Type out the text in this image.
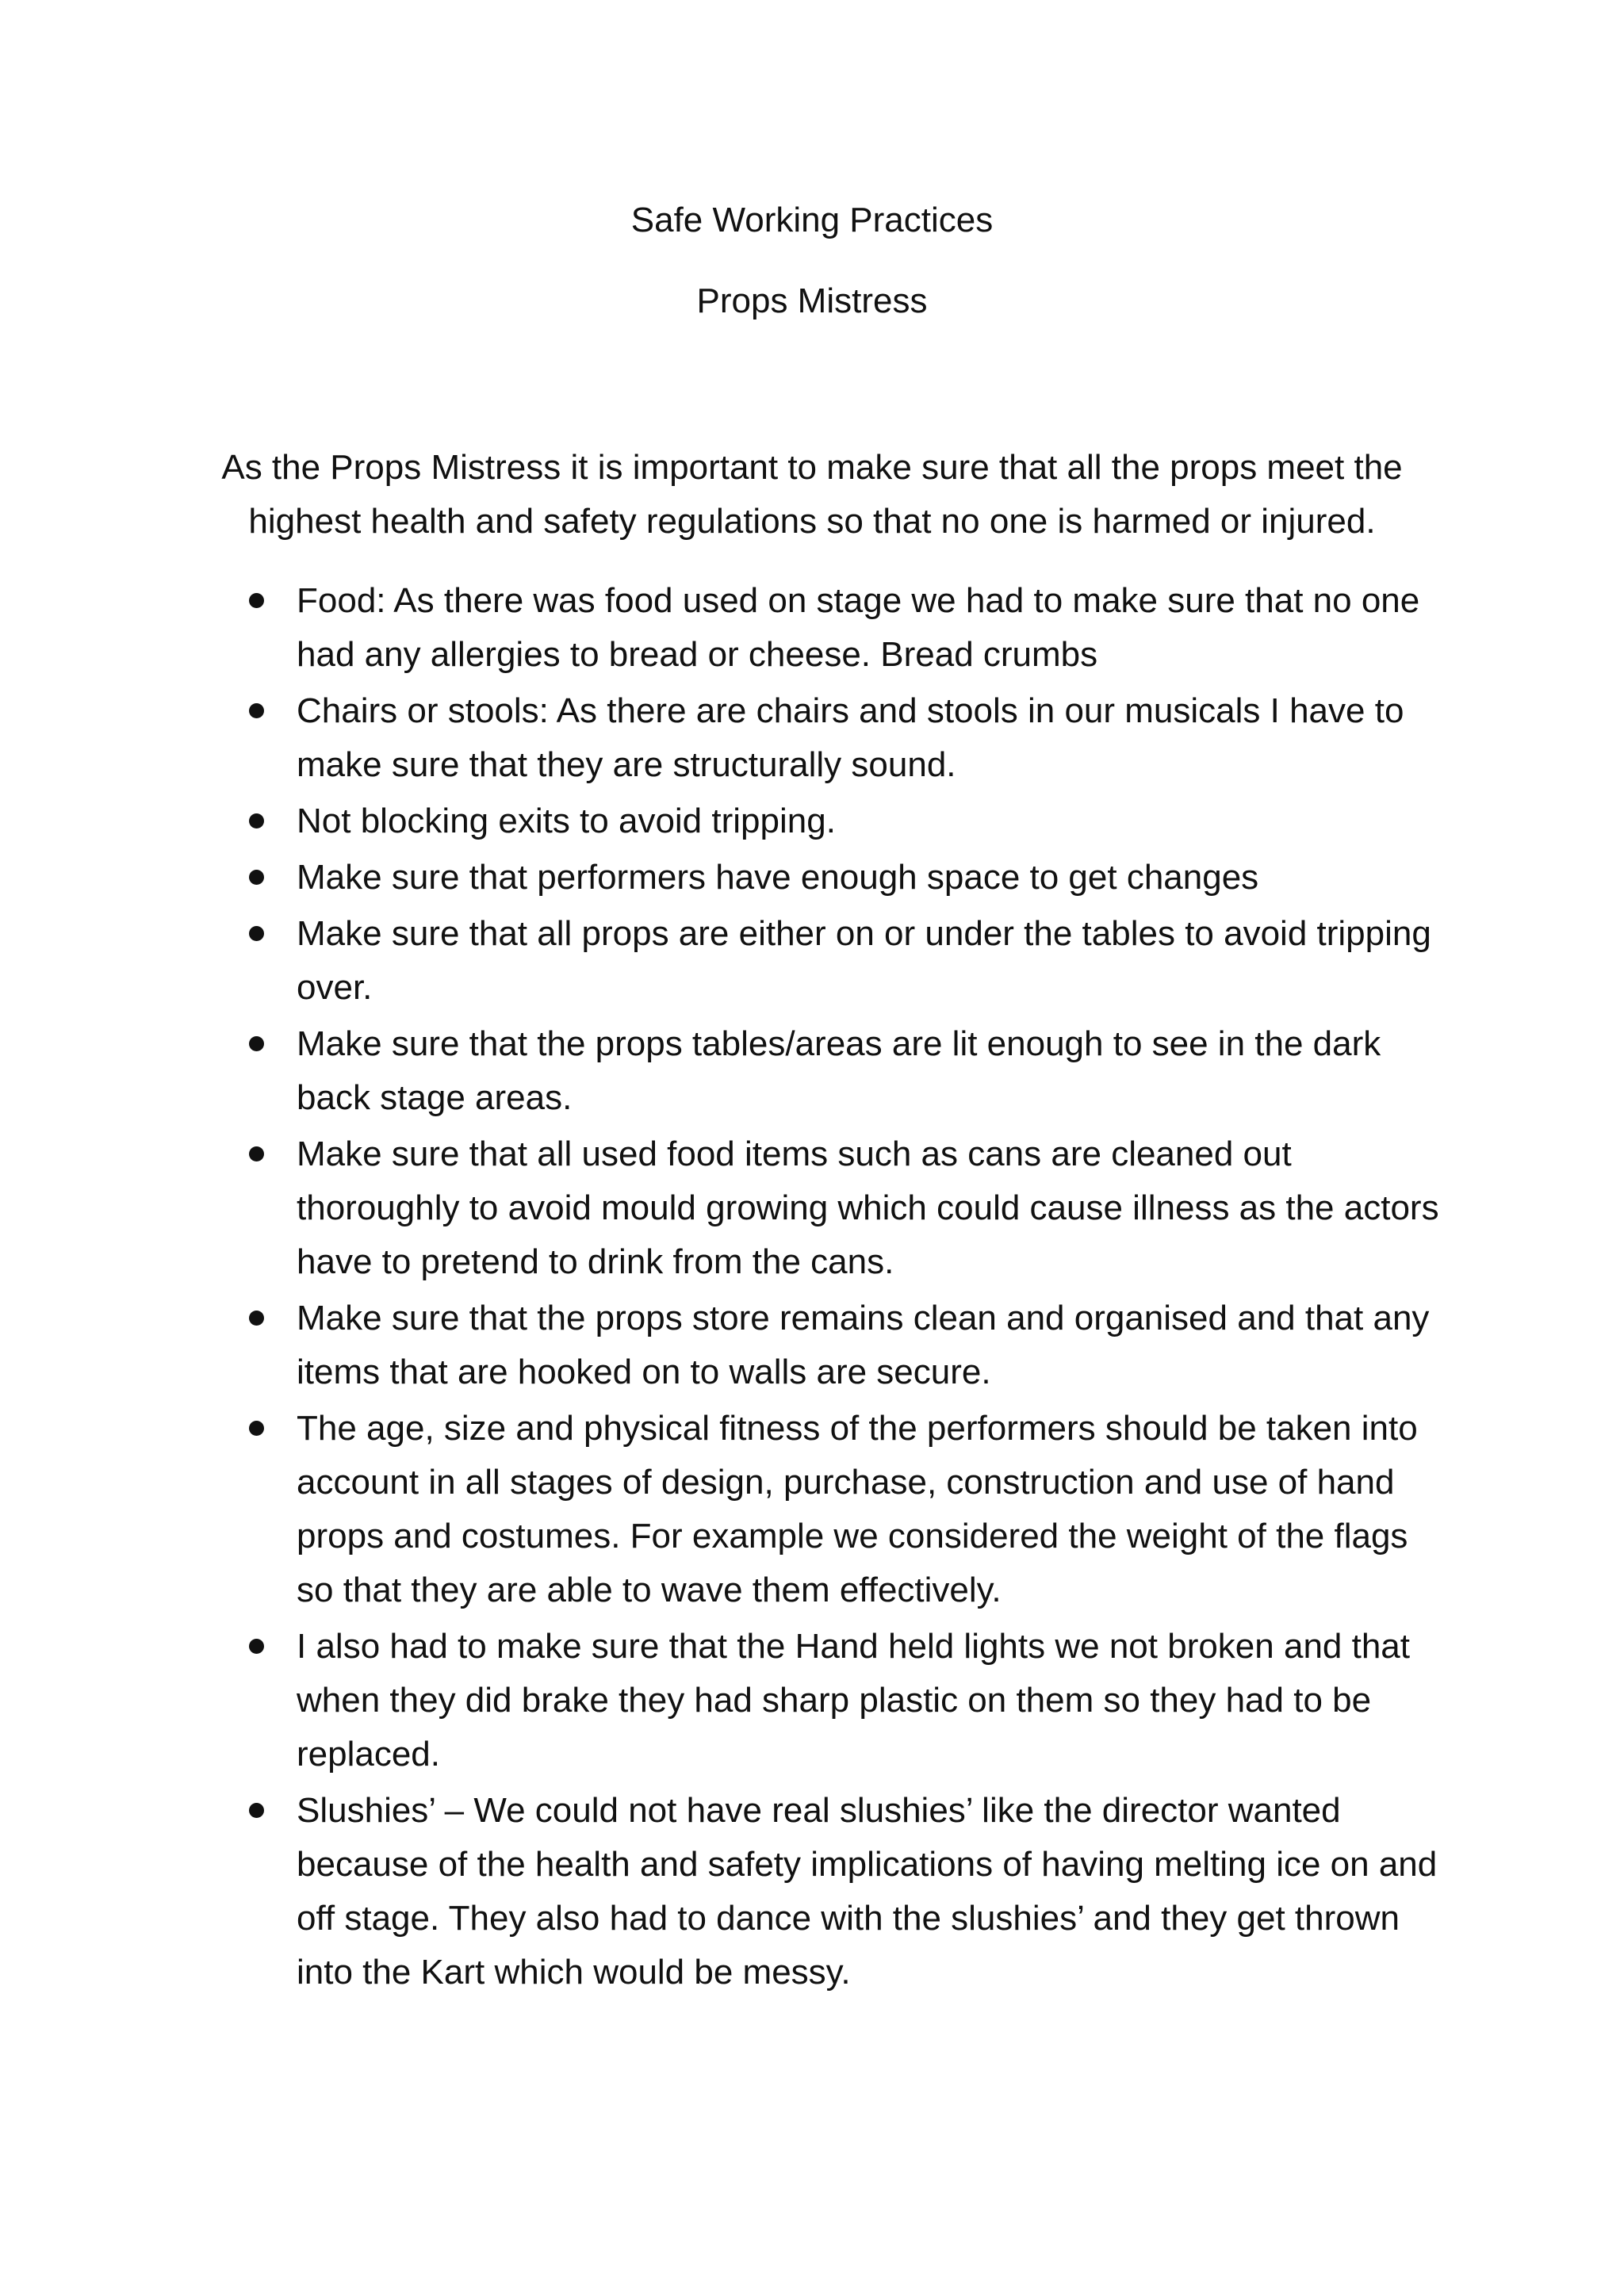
Safe Working Practices
Props Mistress

As the Props Mistress it is important to make sure that all the props meet the highest health and safety regulations so that no one is harmed or injured.

Food: As there was food used on stage we had to make sure that no one had any allergies to bread or cheese. Bread crumbs
Chairs or stools: As there are chairs and stools in our musicals I have to make sure that they are structurally sound.
Not blocking exits to avoid tripping.
Make sure that performers have enough space to get changes
Make sure that all props are either on or under the tables to avoid tripping over.
Make sure that the props tables/areas are lit enough to see in the dark back stage areas.
Make sure that all used food items such as cans are cleaned out thoroughly to avoid mould growing which could cause illness as the actors have to pretend to drink from the cans.
Make sure that the props store remains clean and organised and that any items that are hooked on to walls are secure.
The age, size and physical fitness of the performers should be taken into account in all stages of design, purchase, construction and use of hand props and costumes. For example we considered the weight of the flags so that they are able to wave them effectively.
I also had to make sure that the Hand held lights we not broken and that when they did brake they had sharp plastic on them so they had to be replaced.
Slushies’ – We could not have real slushies’ like the director wanted because of the health and safety implications of having melting ice on and off stage. They also had to dance with the slushies’ and they get thrown into the Kart which would be messy.
